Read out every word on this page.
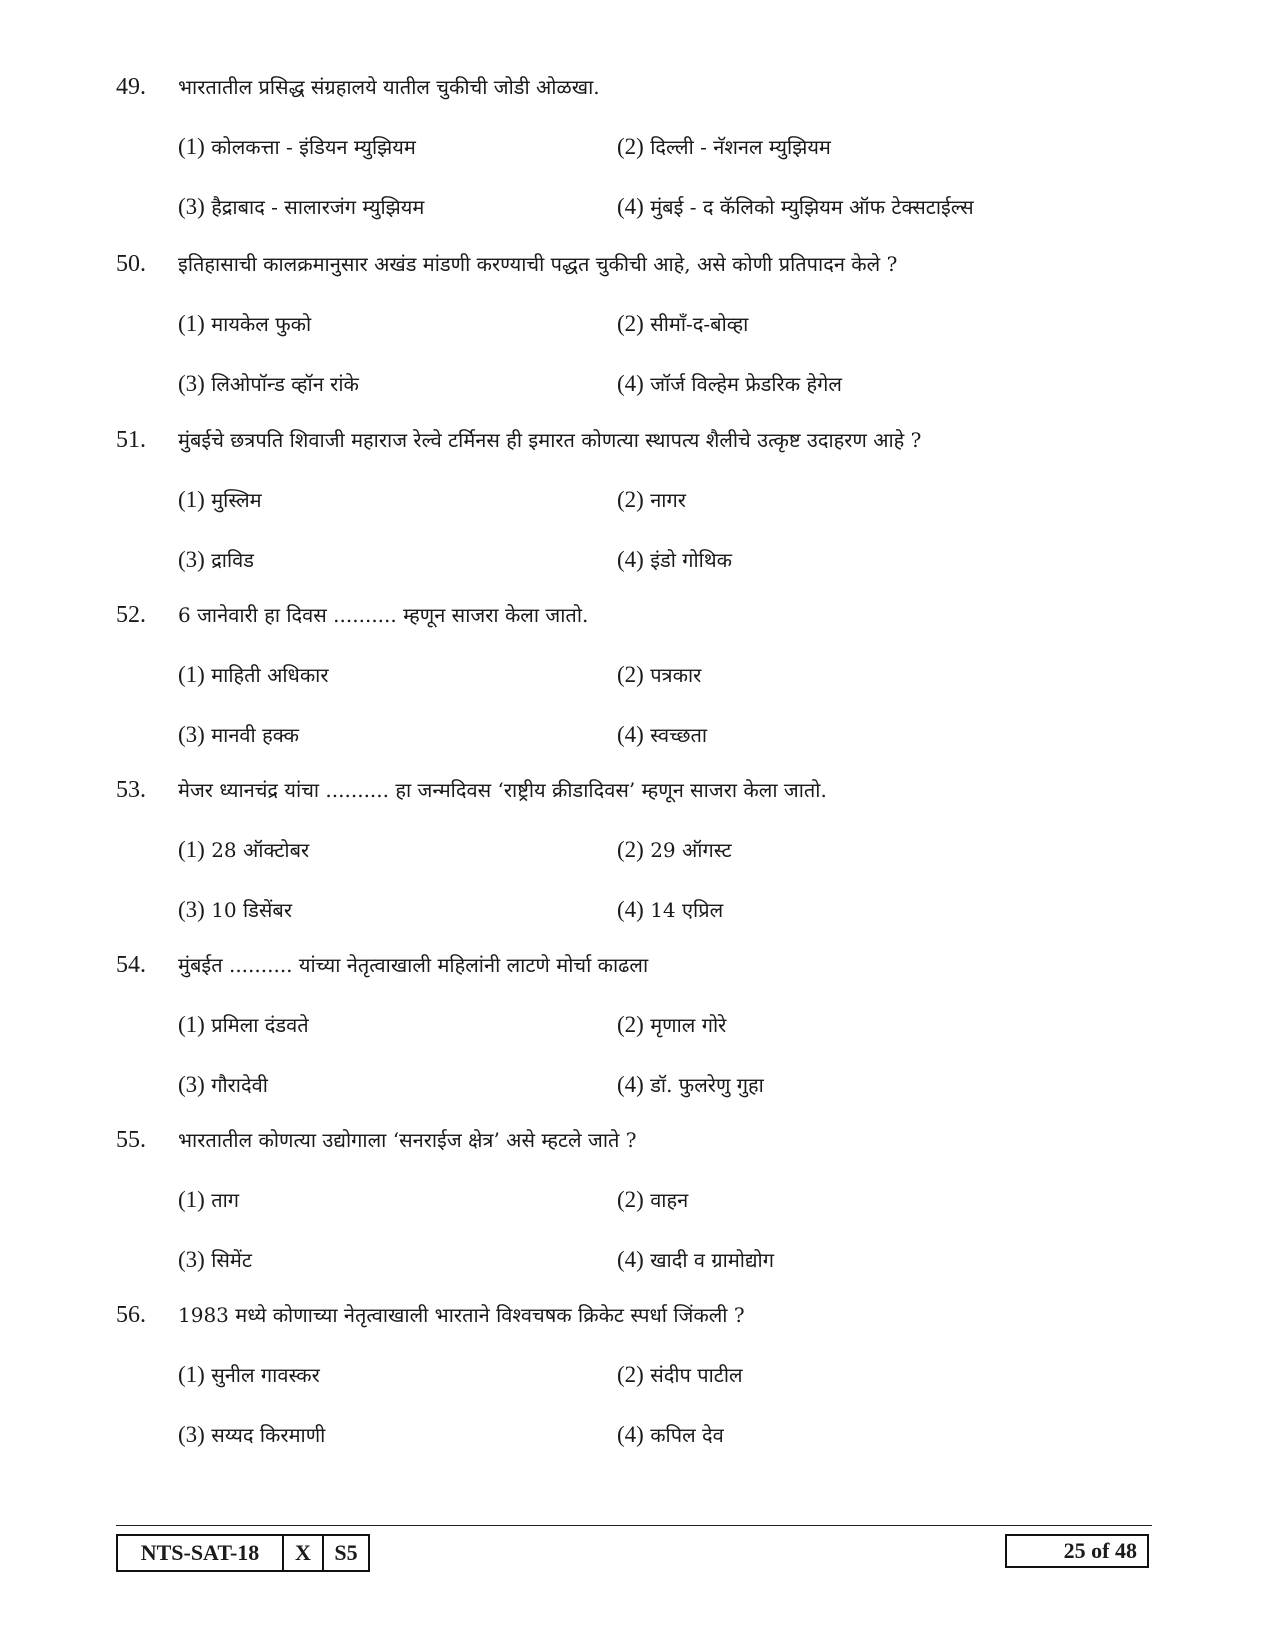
49. भारतातील प्रसिद्ध संग्रहालये यातील चुकीची जोडी ओळखा.
(1) कोलकत्ता - इंडियन म्युझियम	(2) दिल्ली - नॅशनल म्युझियम
(3) हैद्राबाद - सालारजंग म्युझियम	(4) मुंबई - द कॅलिको म्युझियम ऑफ टेक्सटाईल्स
50. इतिहासाची कालक्रमानुसार अखंड मांडणी करण्याची पद्धत चुकीची आहे, असे कोणी प्रतिपादन केले ?
(1) मायकेल फुको	(2) सीमॉं-द-बोव्हा
(3) लिओपॉन्ड व्हॉन रांके	(4) जॉर्ज विल्हेम फ्रेडरिक हेगेल
51. मुंबईचे छत्रपति शिवाजी महाराज रेल्वे टर्मिनस ही इमारत कोणत्या स्थापत्य शैलीचे उत्कृष्ट उदाहरण आहे ?
(1) मुस्लिम	(2) नागर
(3) द्राविड	(4) इंडो गोथिक
52. 6 जानेवारी हा दिवस .......... म्हणून साजरा केला जातो.
(1) माहिती अधिकार	(2) पत्रकार
(3) मानवी हक्क	(4) स्वच्छता
53. मेजर ध्यानचंद्र यांचा .......... हा जन्मदिवस ‘राष्ट्रीय क्रीडादिवस’ म्हणून साजरा केला जातो.
(1) 28 ऑक्टोबर	(2) 29 ऑगस्ट
(3) 10 डिसेंबर	(4) 14 एप्रिल
54. मुंबईत .......... यांच्या नेतृत्वाखाली महिलांनी लाटणे मोर्चा काढला
(1) प्रमिला दंडवते	(2) मृणाल गोरे
(3) गौरादेवी	(4) डॉ. फुलरेणु गुहा
55. भारतातील कोणत्या उद्योगाला ‘सनराईज क्षेत्र’ असे म्हटले जाते ?
(1) ताग	(2) वाहन
(3) सिमेंट	(4) खादी व ग्रामोद्योग
56. 1983 मध्ये कोणाच्या नेतृत्वाखाली भारताने विश्वचषक क्रिकेट स्पर्धा जिंकली ?
(1) सुनील गावस्कर	(2) संदीप पाटील
(3) सय्यद किरमाणी	(4) कपिल देव
NTS-SAT-18	X	S5	25 of 48
